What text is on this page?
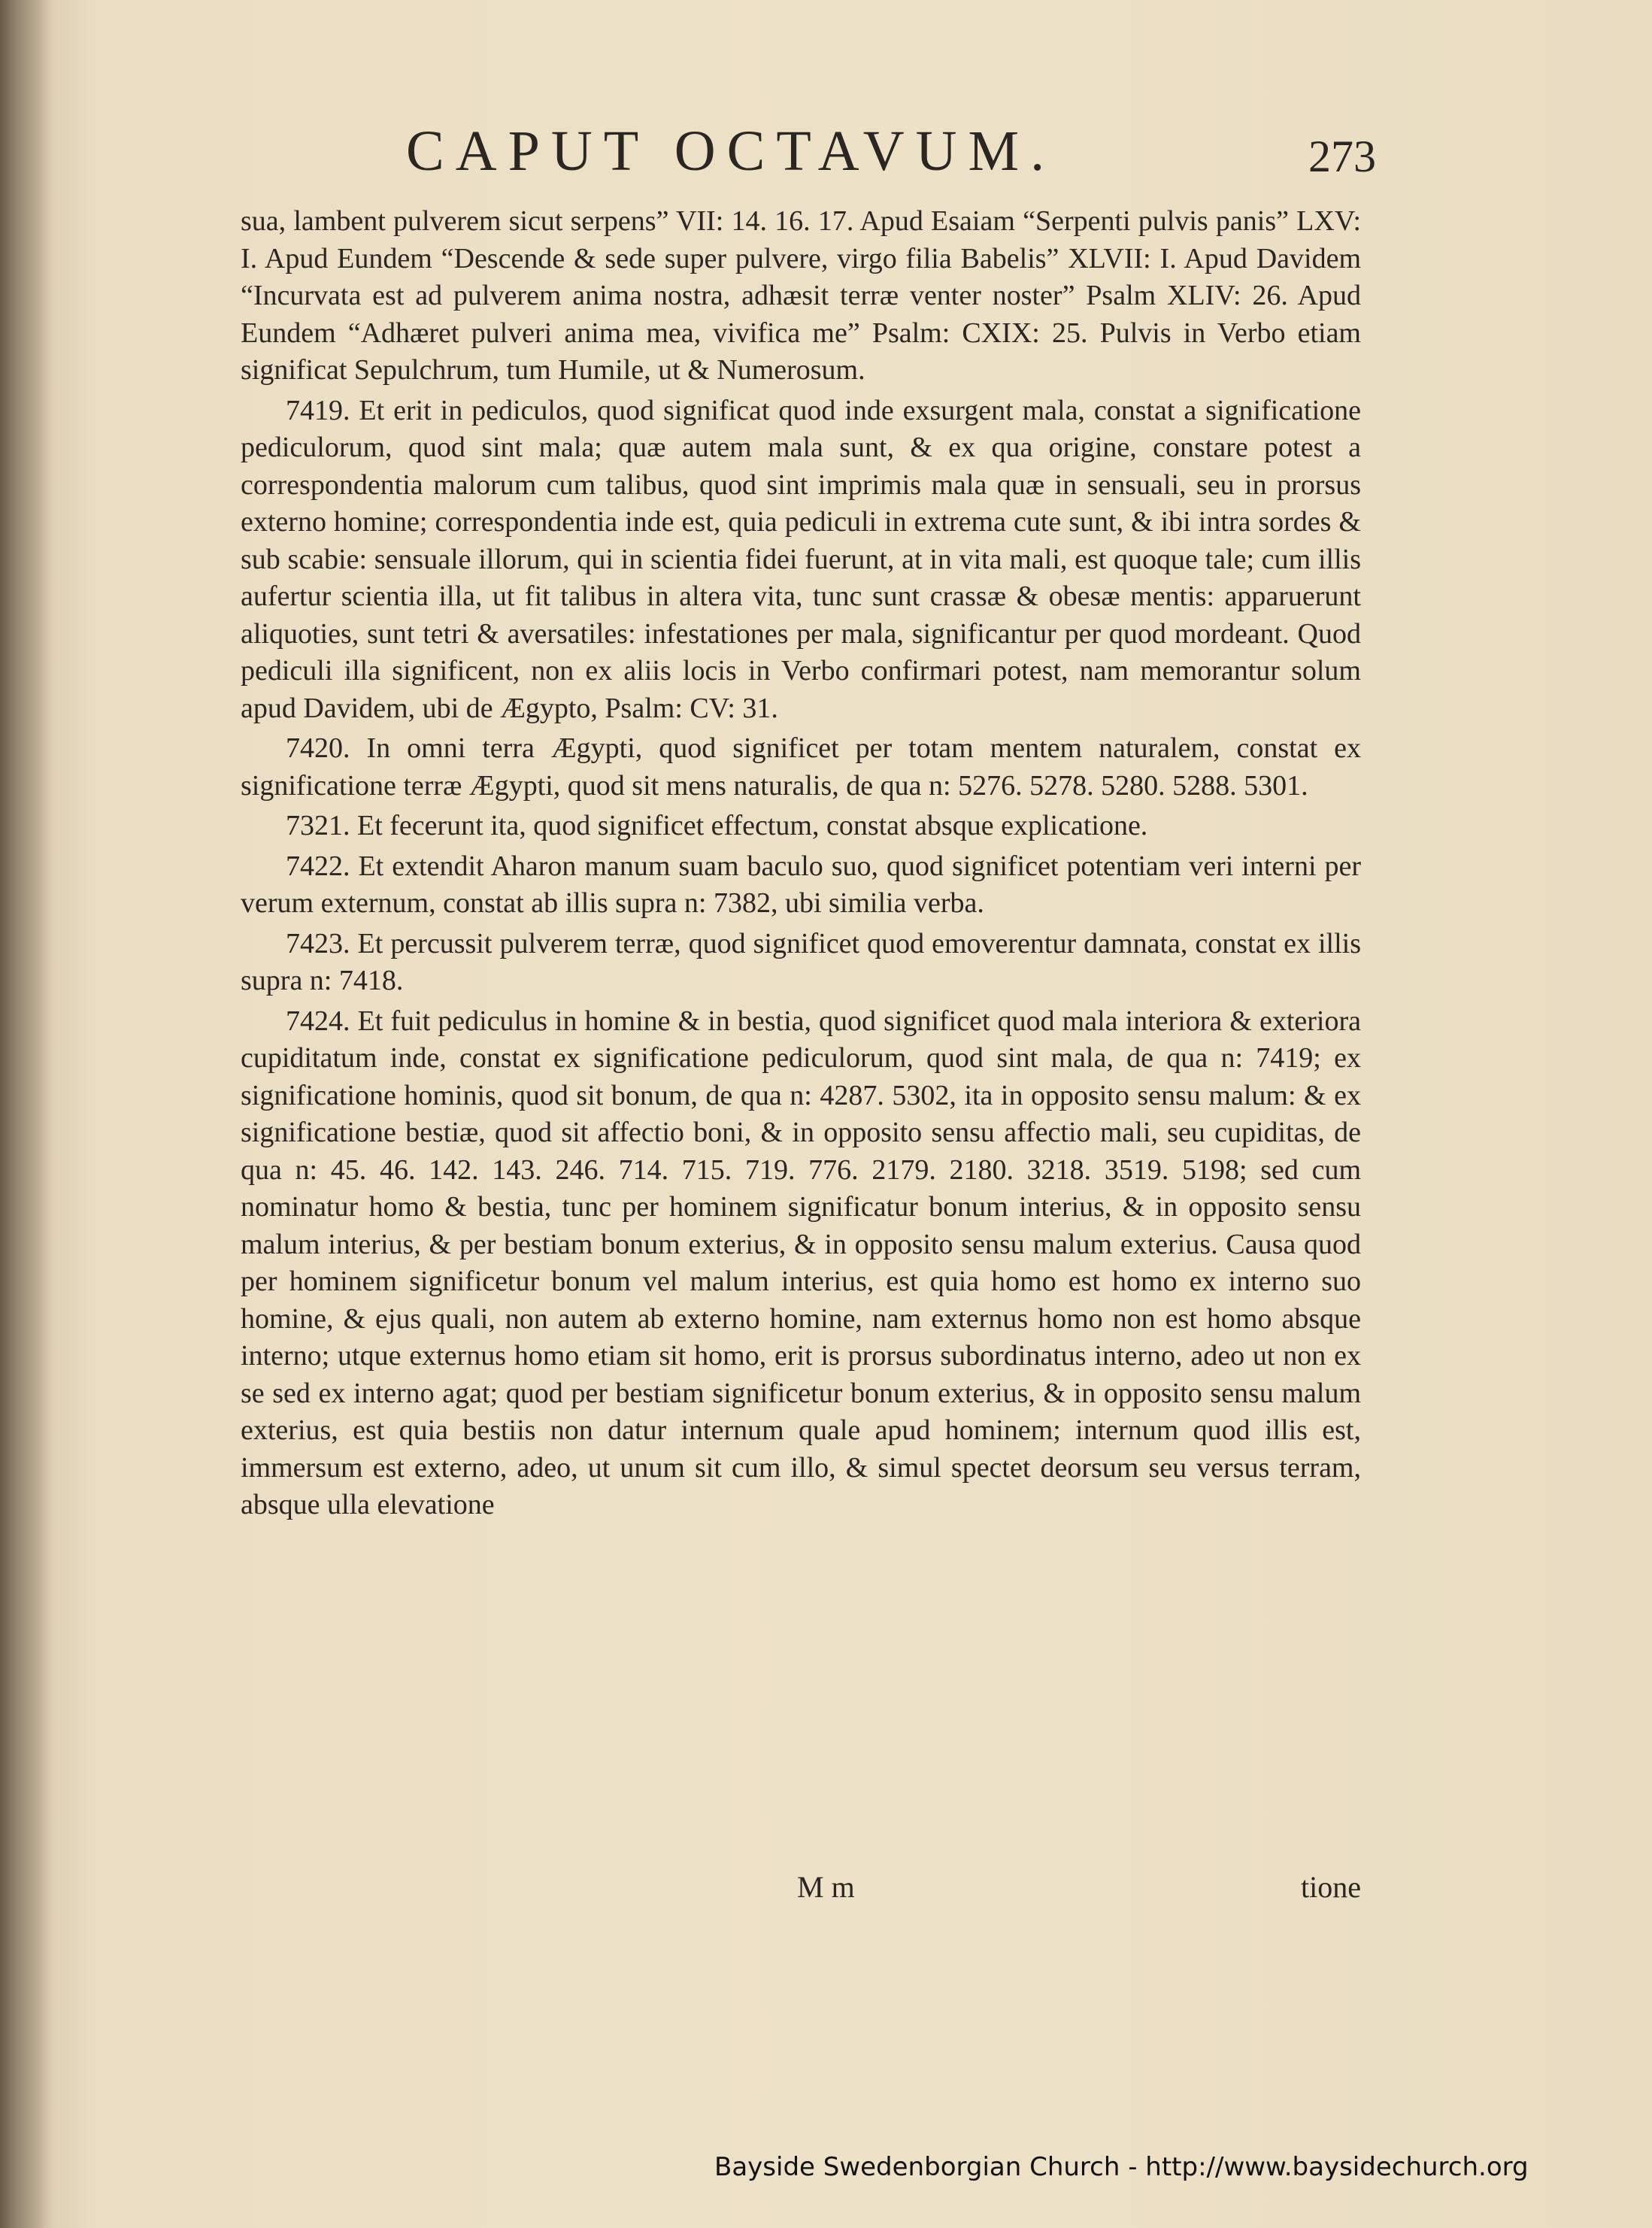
CAPUT OCTAVUM.	273

sua, lambent pulverem sicut serpens” VII: 14. 16. 17. Apud Esaiam “Serpenti pulvis panis” LXV: I. Apud Eundem “Descende & sede super pulvere, virgo filia Babelis” XLVII: I. Apud Davidem “Incurvata est ad pulverem anima nostra, adhæsit terræ venter noster” Psalm XLIV: 26. Apud Eundem “Adhæret pulveri anima mea, vivifica me” Psalm: CXIX: 25. Pulvis in Verbo etiam significat Sepulchrum, tum Humile, ut & Numerosum.

7419. Et erit in pediculos, quod significat quod inde exsurgent mala, constat a significatione pediculorum, quod sint mala; quæ autem mala sunt, & ex qua origine, constare potest a correspondentia malorum cum talibus, quod sint imprimis mala quæ in sensuali, seu in prorsus externo homine; correspondentia inde est, quia pediculi in extrema cute sunt, & ibi intra sordes & sub scabie: sensuale illorum, qui in scientia fidei fuerunt, at in vita mali, est quoque tale; cum illis aufertur scientia illa, ut fit talibus in altera vita, tunc sunt crassæ & obesæ mentis: apparuerunt aliquoties, sunt tetri & aversatiles: infestationes per mala, significantur per quod mordeant. Quod pediculi illa significent, non ex aliis locis in Verbo confirmari potest, nam memorantur solum apud Davidem, ubi de Ægypto, Psalm: CV: 31.

7420. In omni terra Ægypti, quod significet per totam mentem naturalem, constat ex significatione terræ Ægypti, quod sit mens naturalis, de qua n: 5276. 5278. 5280. 5288. 5301.

7321. Et fecerunt ita, quod significet effectum, constat absque explicatione.

7422. Et extendit Aharon manum suam baculo suo, quod significet potentiam veri interni per verum externum, constat ab illis supra n: 7382, ubi similia verba.

7423. Et percussit pulverem terræ, quod significet quod emoverentur damnata, constat ex illis supra n: 7418.

7424. Et fuit pediculus in homine & in bestia, quod significet quod mala interiora & exteriora cupiditatum inde, constat ex significatione pediculorum, quod sint mala, de qua n: 7419; ex significatione hominis, quod sit bonum, de qua n: 4287. 5302, ita in opposito sensu malum: & ex significatione bestiæ, quod sit affectio boni, & in opposito sensu affectio mali, seu cupiditas, de qua n: 45. 46. 142. 143. 246. 714. 715. 719. 776. 2179. 2180. 3218. 3519. 5198; sed cum nominatur homo & bestia, tunc per hominem significatur bonum interius, & in opposito sensu malum interius, & per bestiam bonum exterius, & in opposito sensu malum exterius. Causa quod per hominem significetur bonum vel malum interius, est quia homo est homo ex interno suo homine, & ejus quali, non autem ab externo homine, nam externus homo non est homo absque interno; utque externus homo etiam sit homo, erit is prorsus subordinatus interno, adeo ut non ex se sed ex interno agat; quod per bestiam significetur bonum exterius, & in opposito sensu malum exterius, est quia bestiis non datur internum quale apud hominem; internum quod illis est, immersum est externo, adeo, ut unum sit cum illo, & simul spectet deorsum seu versus terram, absque ulla elevatione

M m	tione
Bayside Swedenborgian Church - http://www.baysidechurch.org
